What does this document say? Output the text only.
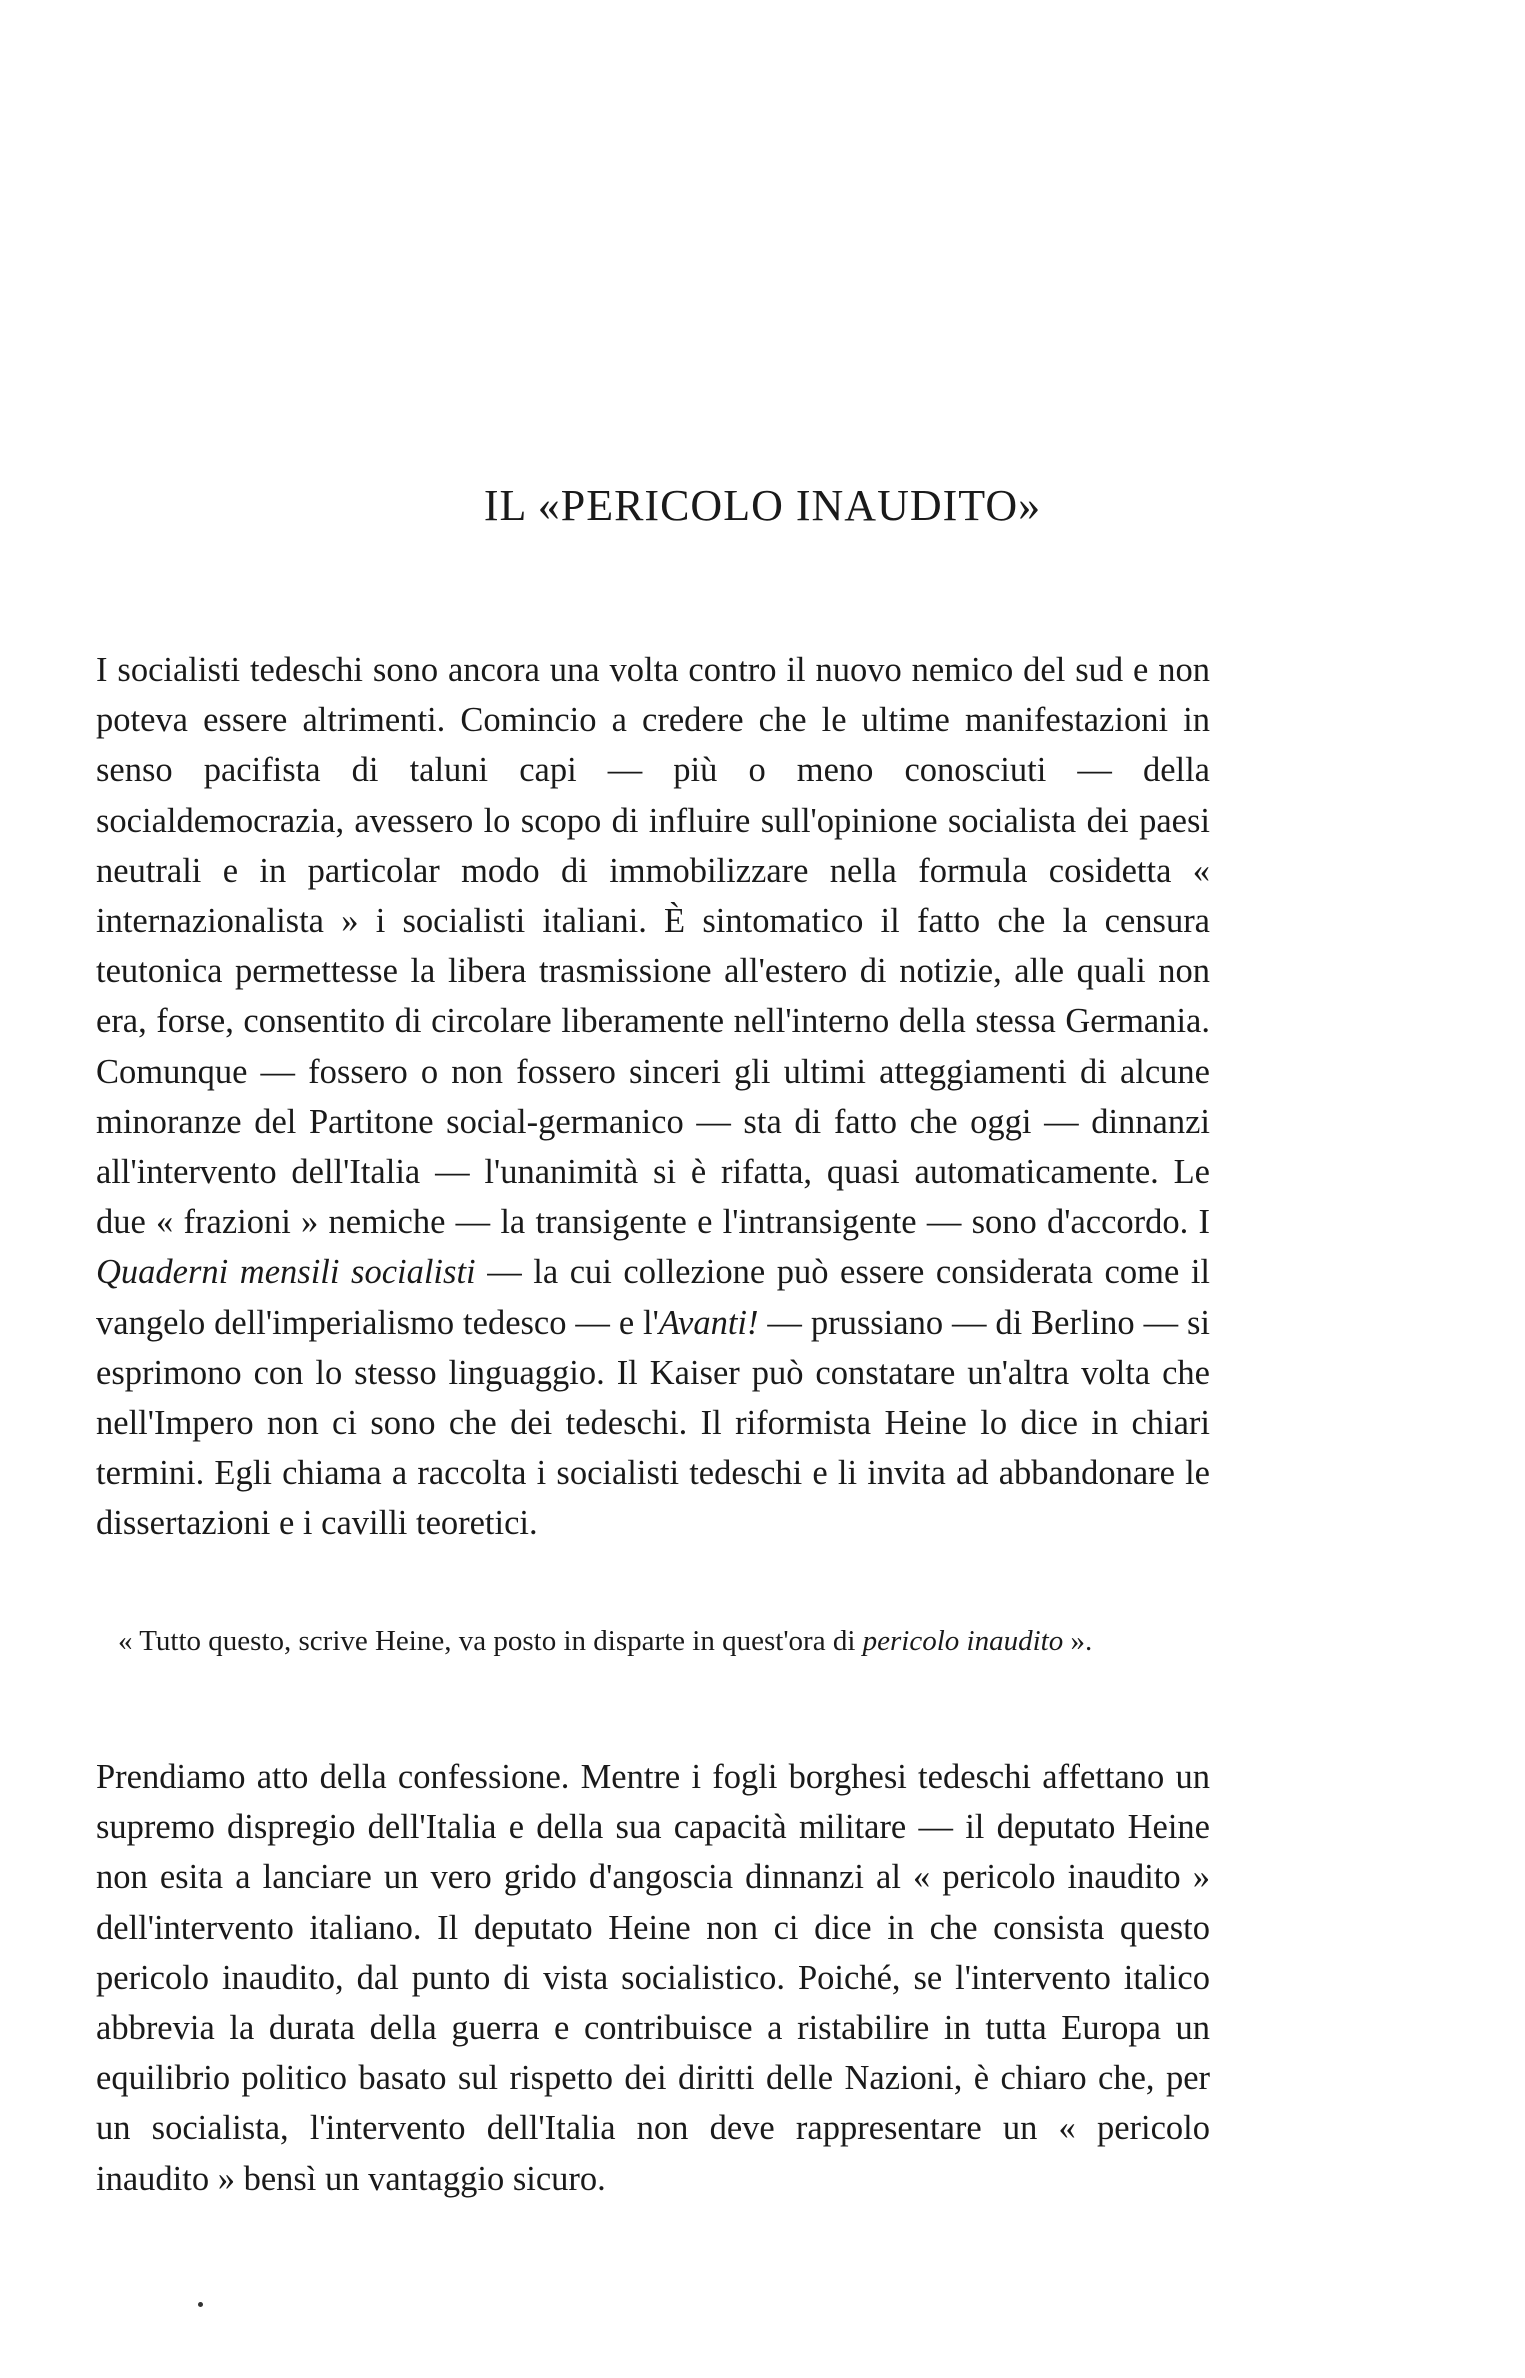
IL «PERICOLO INAUDITO»

I socialisti tedeschi sono ancora una volta contro il nuovo nemico del sud e non poteva essere altrimenti. Comincio a credere che le ultime manifestazioni in senso pacifista di taluni capi — più o meno conosciuti — della socialdemocrazia, avessero lo scopo di influire sull'opinione socialista dei paesi neutrali e in particolar modo di immobilizzare nella formula cosidetta « internazionalista » i socialisti italiani. È sintomatico il fatto che la censura teutonica permettesse la libera trasmissione all'estero di notizie, alle quali non era, forse, consentito di circolare liberamente nell'interno della stessa Germania. Comunque — fossero o non fossero sinceri gli ultimi atteggiamenti di alcune minoranze del Partitone social-germanico — sta di fatto che oggi — dinnanzi all'intervento dell'Italia — l'unanimità si è rifatta, quasi automaticamente. Le due « frazioni » nemiche — la transigente e l'intransigente — sono d'accordo. I Quaderni mensili socialisti — la cui collezione può essere considerata come il vangelo dell'imperialismo tedesco — e l'Avanti! — prussiano — di Berlino — si esprimono con lo stesso linguaggio. Il Kaiser può constatare un'altra volta che nell'Impero non ci sono che dei tedeschi. Il riformista Heine lo dice in chiari termini. Egli chiama a raccolta i socialisti tedeschi e li invita ad abbandonare le dissertazioni e i cavilli teoretici.

« Tutto questo, scrive Heine, va posto in disparte in quest'ora di pericolo inaudito ».

Prendiamo atto della confessione. Mentre i fogli borghesi tedeschi affettano un supremo dispregio dell'Italia e della sua capacità militare — il deputato Heine non esita a lanciare un vero grido d'angoscia dinnanzi al « pericolo inaudito » dell'intervento italiano. Il deputato Heine non ci dice in che consista questo pericolo inaudito, dal punto di vista socialistico. Poiché, se l'intervento italico abbrevia la durata della guerra e contribuisce a ristabilire in tutta Europa un equilibrio politico basato sul rispetto dei diritti delle Nazioni, è chiaro che, per un socialista, l'intervento dell'Italia non deve rappresentare un « pericolo inaudito » bensì un vantaggio sicuro.
